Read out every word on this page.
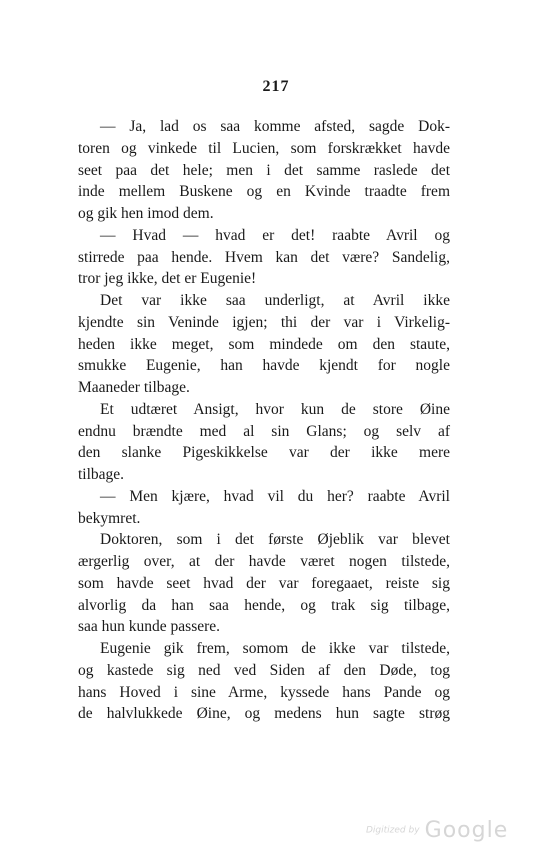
217
— Ja, lad os saa komme afsted, sagde Dok-
toren og vinkede til Lucien, som forskrækket havde
seet paa det hele; men i det samme raslede det
inde mellem Buskene og en Kvinde traadte frem
og gik hen imod dem.
— Hvad — hvad er det! raabte Avril og
stirrede paa hende. Hvem kan det være? Sandelig,
tror jeg ikke, det er Eugenie!
Det var ikke saa underligt, at Avril ikke
kjendte sin Veninde igjen; thi der var i Virkelig-
heden ikke meget, som mindede om den staute,
smukke Eugenie, han havde kjendt for nogle
Maaneder tilbage.
Et udtæret Ansigt, hvor kun de store Øine
endnu brændte med al sin Glans; og selv af
den slanke Pigeskikkelse var der ikke mere
tilbage.
— Men kjære, hvad vil du her? raabte Avril
bekymret.
Doktoren, som i det første Øjeblik var blevet
ærgerlig over, at der havde været nogen tilstede,
som havde seet hvad der var foregaaet, reiste sig
alvorlig da han saa hende, og trak sig tilbage,
saa hun kunde passere.
Eugenie gik frem, somom de ikke var tilstede,
og kastede sig ned ved Siden af den Døde, tog
hans Hoved i sine Arme, kyssede hans Pande og
de halvlukkede Øine, og medens hun sagte strøg
Digitized by Google
